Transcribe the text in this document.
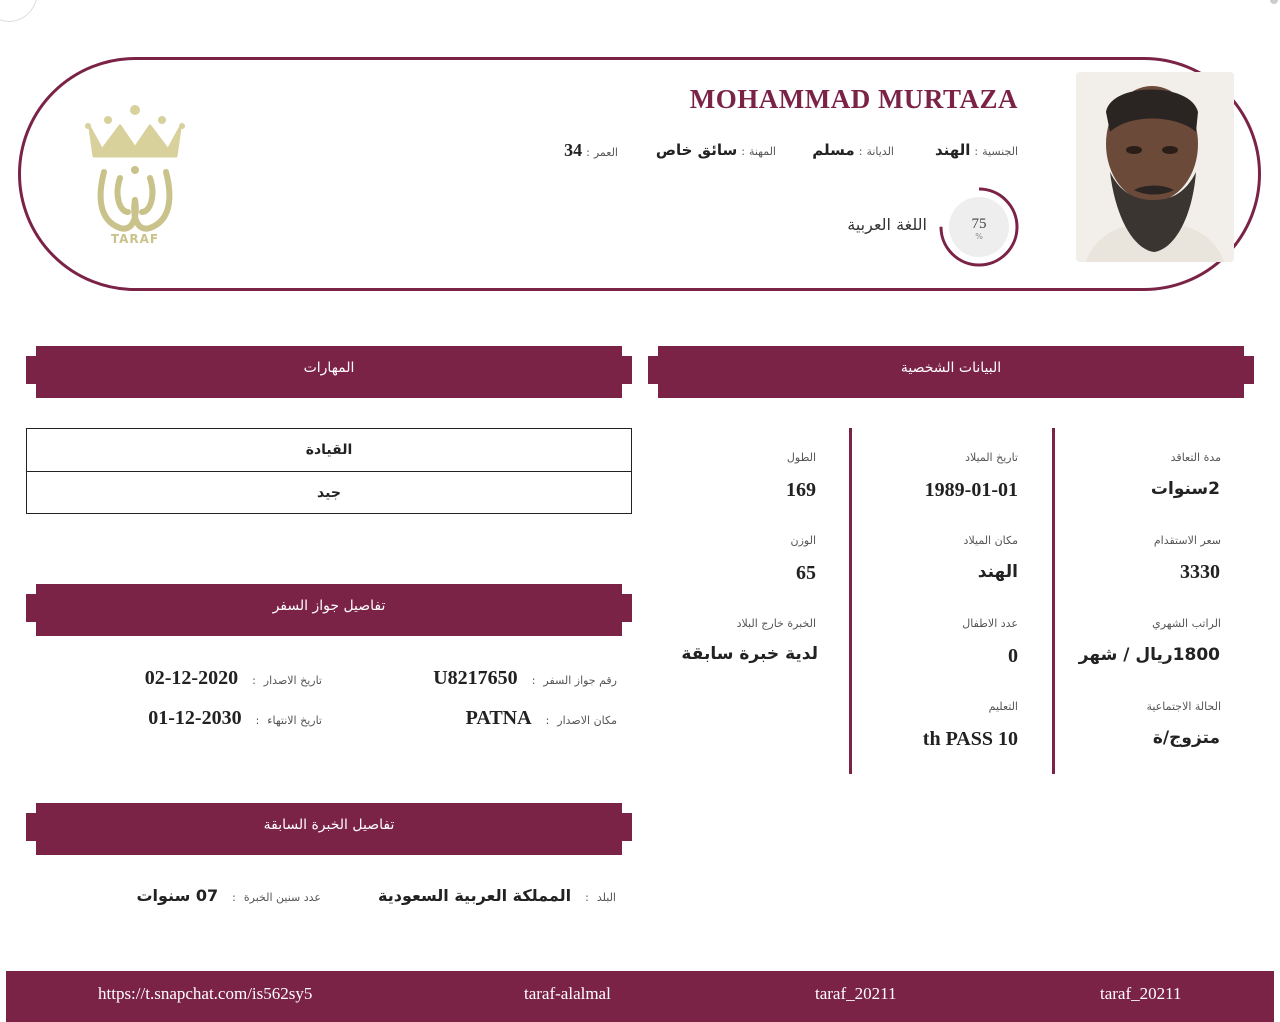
TARAF
MOHAMMAD MURTAZA
الجنسية:الهند
الديانة:مسلم
المهنة:سائق خاص
العمر:34
75
%
اللغة العربية
المهارات	البيانات الشخصية
تفاصيل جواز السفر
تفاصيل الخبرة السابقة
القيادة
جيد
مدة التعاقد
2سنوات
سعر الاستقدام
3330
الراتب الشهري
1800ريال / شهر
الحالة الاجتماعية
متزوج/ة
تاريخ الميلاد
1989-01-01
مكان الميلاد
الهند
عدد الاطفال
0
التعليم
th PASS 10
الطول
169
الوزن
65
الخبرة خارج البلاد
لدية خبرة سابقة
رقم جواز السفر:U8217650
تاريخ الاصدار:2020-12-02
مكان الاصدار:PATNA
تاريخ الانتهاء:2030-12-01
البلد:المملكة العربية السعودية
عدد سنين الخبرة:07 سنوات
https://t.snapchat.com/is562sy5	taraf-alalmal	taraf_20211	taraf_20211
